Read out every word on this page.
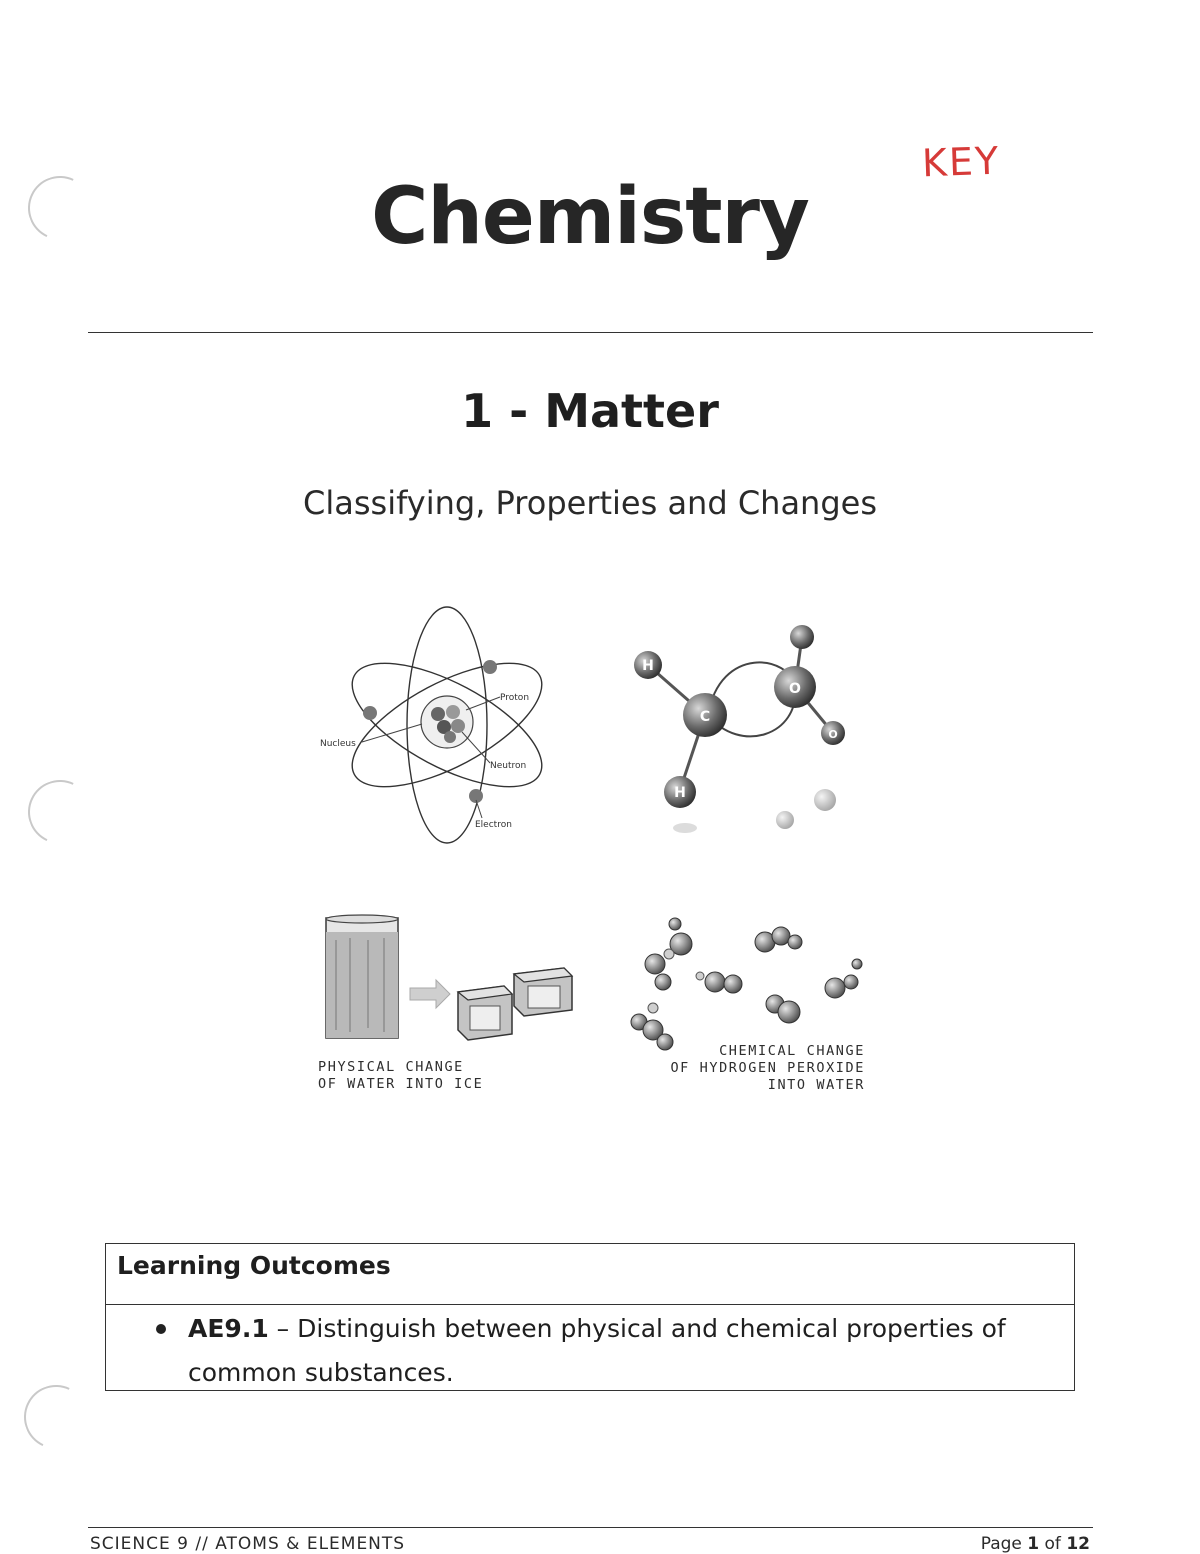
KEY
Chemistry
1 - Matter
Classifying, Properties and Changes
Proton
Nucleus
Neutron
Electron
H
C
O
H
O
PHYSICAL CHANGE
OF WATER INTO ICE
CHEMICAL CHANGE
OF HYDROGEN PEROXIDE
INTO WATER
Learning Outcomes
AE9.1 – Distinguish between physical and chemical properties of common substances.
SCIENCE 9 // ATOMS & ELEMENTS	Page 1 of 12
